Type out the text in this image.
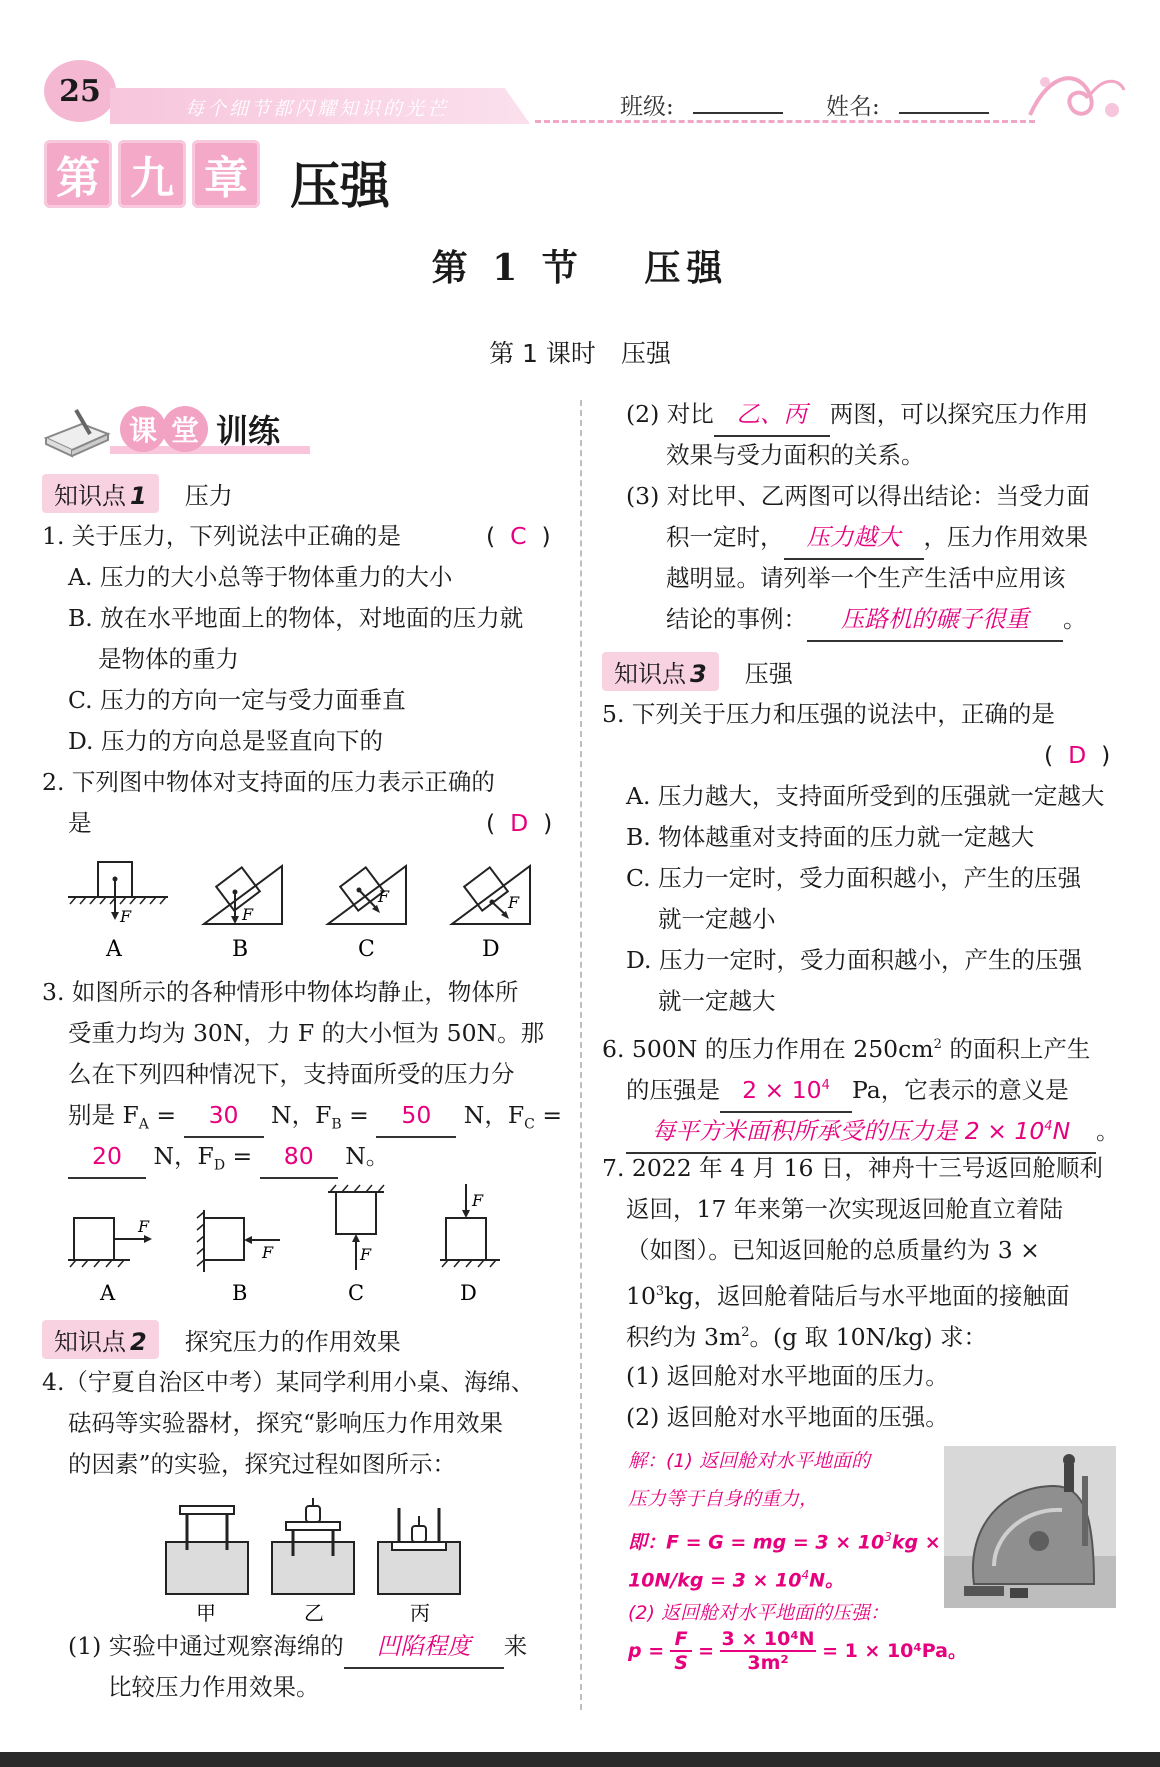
25
每个细节都闪耀知识的光芒	班级:	姓名:
第 九 章 压强
第 1 节　 压强
第 1 课时　压强
课 堂 训练
知识点 1	压力
1. 关于压力，下列说法中正确的是	(  C  )
A. 压力的大小总等于物体重力的大小
B. 放在水平地面上的物体，对地面的压力就
是物体的重力
C. 压力的方向一定与受力面垂直
D. 压力的方向总是竖直向下的
2. 下列图中物体对支持面的压力表示正确的
是	(  D  )
F	F
F	F
A	B	C	D
3. 如图所示的各种情形中物体均静止，物体所
受重力均为 30N，力 F 的大小恒为 50N。那
么在下列四种情况下，支持面所受的压力分
别是 $F_A = 30$ N，$F_B = 50$ N，$F_C$ =
20 N，$F_D = 80$ N。
F
F	F
F
A	B	C	D
知识点 2	探究压力的作用效果
4.（宁夏自治区中考）某同学利用小桌、海绵、
砝码等实验器材，探究“影响压力作用效果
的因素”的实验，探究过程如图所示：
甲	乙	丙
(1) 实验中通过观察海绵的 凹陷程度 来
比较压力作用效果。
(2) 对比 乙、丙 两图，可以探究压力作用
效果与受力面积的关系。
(3) 对比甲、乙两图可以得出结论：当受力面
积一定时， 压力越大 ，压力作用效果
越明显。请列举一个生产生活中应用该
结论的事例： 压路机的碾子很重 。
知识点 3	压强
5. 下列关于压力和压强的说法中，正确的是
(  D  )
A. 压力越大，支持面所受到的压强就一定越大
B. 物体越重对支持面的压力就一定越大
C. 压力一定时，受力面积越小，产生的压强
就一定越小
D. 压力一定时，受力面积越小，产生的压强
就一定越大
6. 500N 的压力作用在 $250cm^2$ 的面积上产生
的压强是 $2 \times 10^4$ Pa，它表示的意义是
每平方米面积所承受的压力是 $2 \times 10^4N$ 。
7. 2022 年 4 月 16 日，神舟十三号返回舱顺利
返回，17 年来第一次实现返回舱直立着陆
（如图）。已知返回舱的总质量约为 3 ×
$10^3kg$，返回舱着陆后与水平地面的接触面
积约为 $3m^2$。(g 取 10N/kg) 求：
(1) 返回舱对水平地面的压力。
(2) 返回舱对水平地面的压强。
解：(1) 返回舱对水平地面的
压力等于自身的重力，
即：F = G = mg = $3 \times 10^3kg$ ×
$10N/kg = 3 \times 10^4N$。
(2) 返回舱对水平地面的压强：
p =
F
S
=
3 × 10⁴N
3m²
= 1 × 10⁴Pa。
